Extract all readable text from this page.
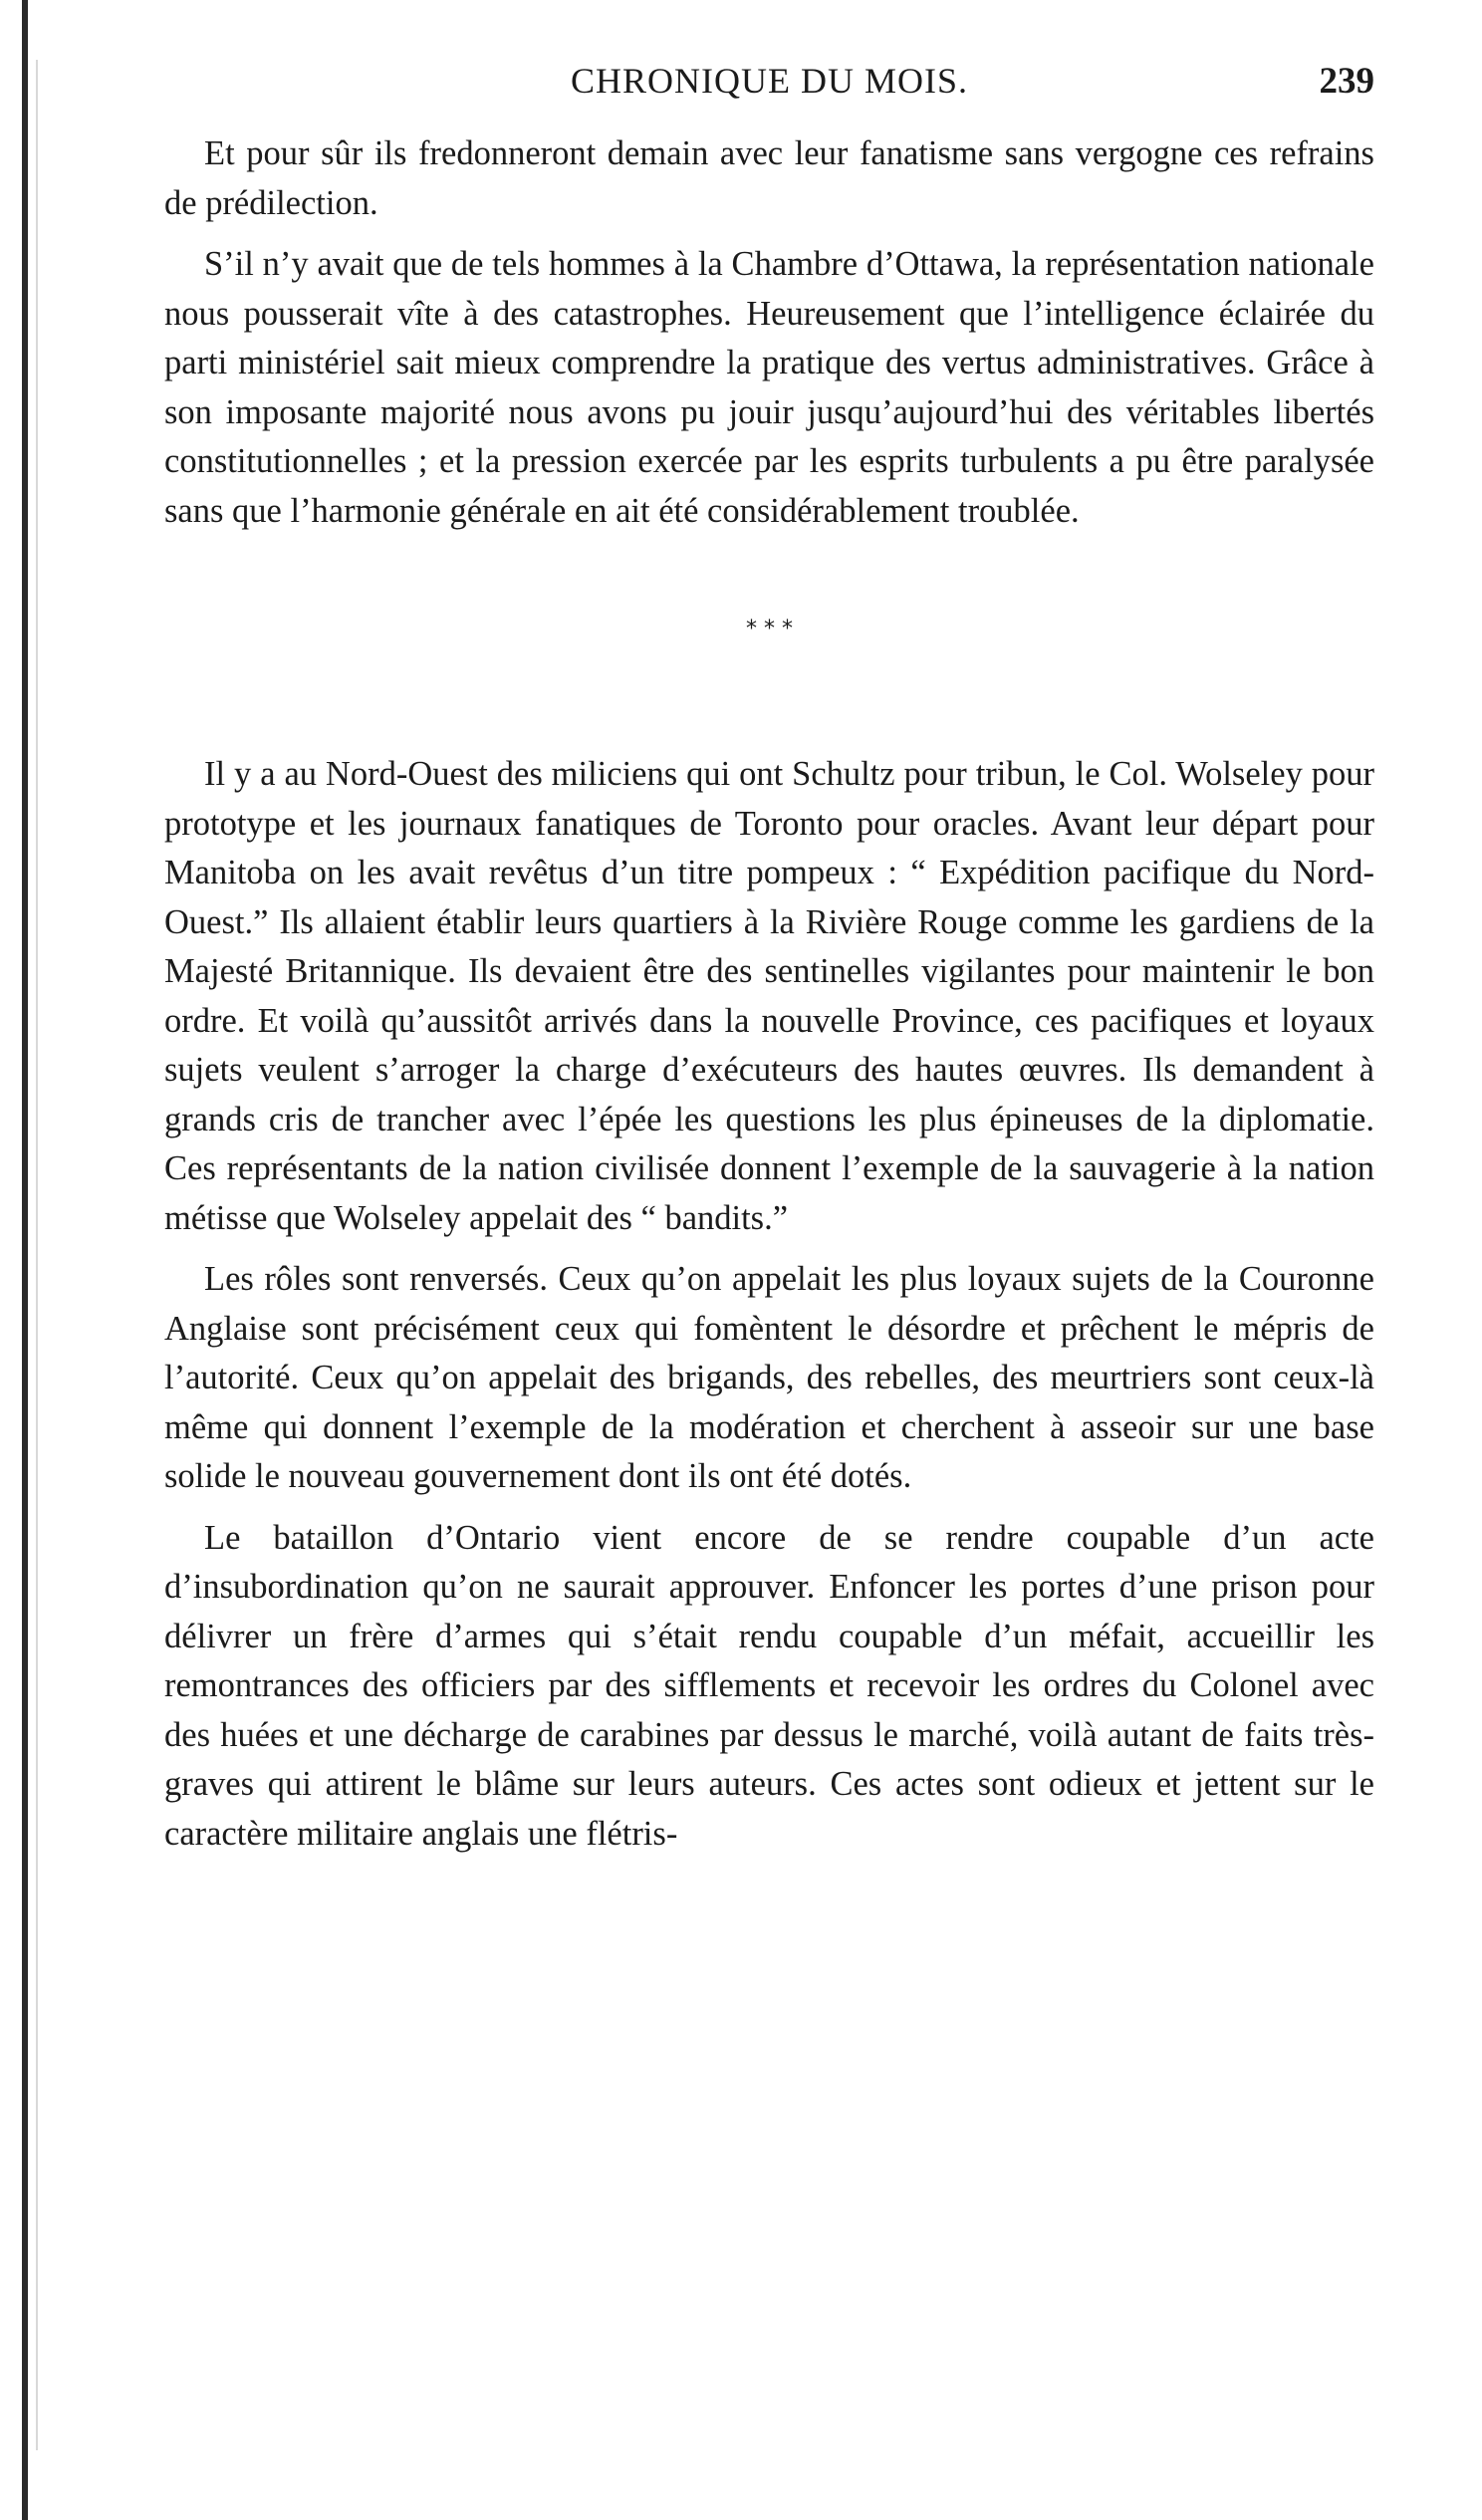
CHRONIQUE DU MOIS.	239

Et pour sûr ils fredonneront demain avec leur fanatisme sans vergogne ces refrains de prédilection.

S’il n’y avait que de tels hommes à la Chambre d’Ottawa, la représentation nationale nous pousserait vîte à des catastrophes. Heureusement que l’intelligence éclairée du parti ministériel sait mieux comprendre la pratique des vertus administratives. Grâce à son imposante majorité nous avons pu jouir jusqu’aujourd’hui des véritables libertés constitutionnelles ; et la pression exercée par les esprits turbulents a pu être paralysée sans que l’harmonie générale en ait été considérablement troublée.

* * *

Il y a au Nord-Ouest des miliciens qui ont Schultz pour tribun, le Col. Wolseley pour prototype et les journaux fanatiques de Toronto pour oracles. Avant leur départ pour Manitoba on les avait revêtus d’un titre pompeux : “ Expédition pacifique du Nord-Ouest.” Ils allaient établir leurs quartiers à la Rivière Rouge comme les gardiens de la Majesté Britannique. Ils devaient être des sentinelles vigilantes pour maintenir le bon ordre. Et voilà qu’aussitôt arrivés dans la nouvelle Province, ces pacifiques et loyaux sujets veulent s’arroger la charge d’exécuteurs des hautes œuvres. Ils demandent à grands cris de trancher avec l’épée les questions les plus épineuses de la diplomatie. Ces représentants de la nation civilisée donnent l’exemple de la sauvagerie à la nation métisse que Wolseley appelait des “ bandits.”

Les rôles sont renversés. Ceux qu’on appelait les plus loyaux sujets de la Couronne Anglaise sont précisément ceux qui fomèntent le désordre et prêchent le mépris de l’autorité. Ceux qu’on appelait des brigands, des rebelles, des meurtriers sont ceux-là même qui donnent l’exemple de la modération et cherchent à asseoir sur une base solide le nouveau gouvernement dont ils ont été dotés.

Le bataillon d’Ontario vient encore de se rendre coupable d’un acte d’insubordination qu’on ne saurait approuver. Enfoncer les portes d’une prison pour délivrer un frère d’armes qui s’était rendu coupable d’un méfait, accueillir les remontrances des officiers par des sifflements et recevoir les ordres du Colonel avec des huées et une décharge de carabines par dessus le marché, voilà autant de faits très-graves qui attirent le blâme sur leurs auteurs. Ces actes sont odieux et jettent sur le caractère militaire anglais une flétris-
